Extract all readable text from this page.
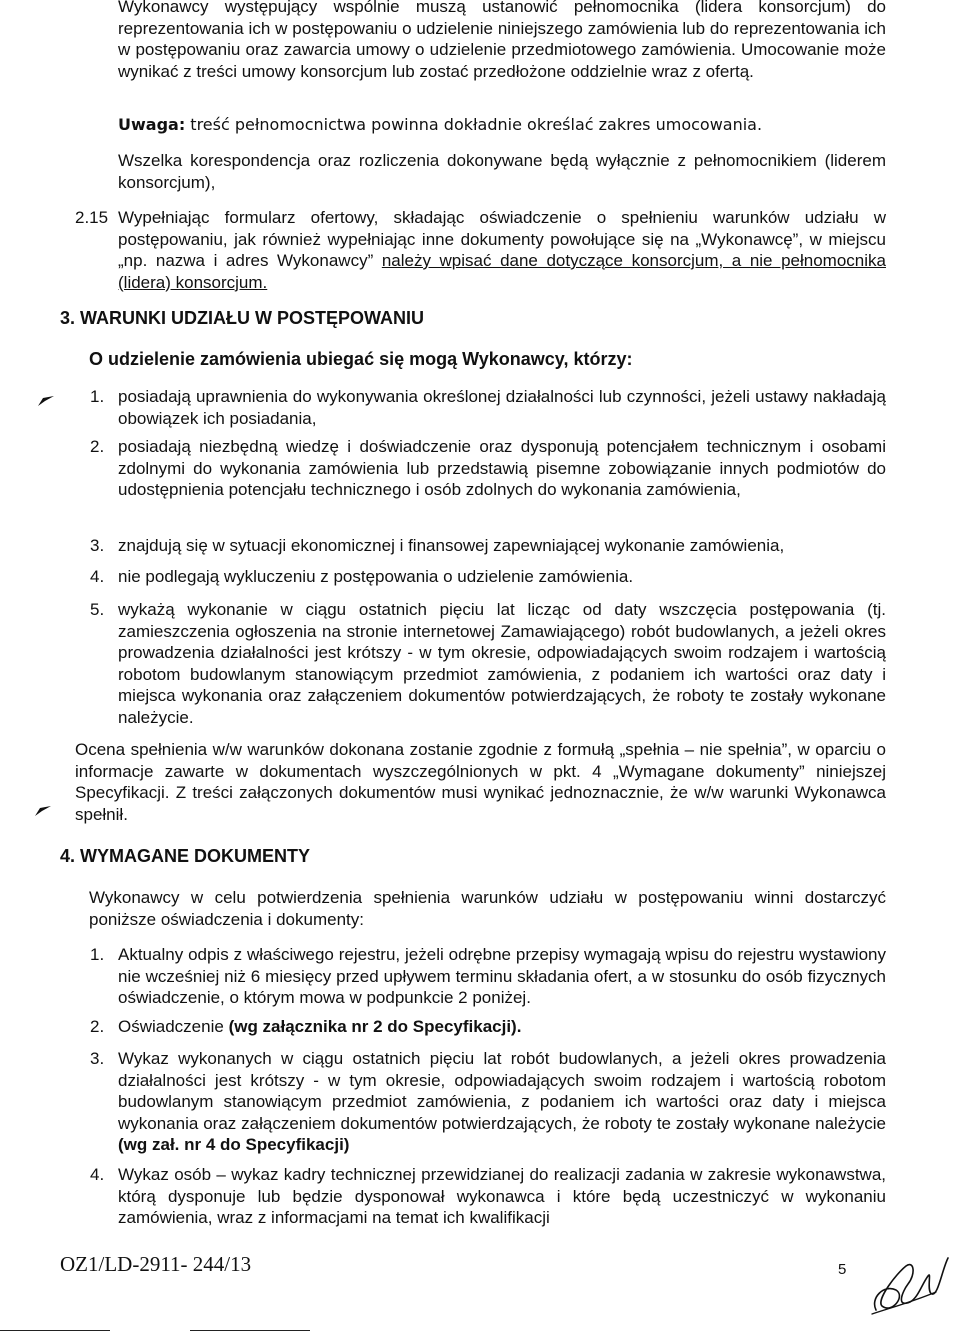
Wykonawcy występujący wspólnie muszą ustanowić pełnomocnika (lidera konsorcjum) do reprezentowania ich w postępowaniu o udzielenie niniejszego zamówienia lub do reprezentowania ich w postępowaniu oraz zawarcia umowy o udzielenie przedmiotowego zamówienia. Umocowanie może wynikać z treści umowy konsorcjum lub zostać przedłożone oddzielnie wraz z ofertą.
Uwaga: treść pełnomocnictwa powinna dokładnie określać zakres umocowania.
Wszelka korespondencja oraz rozliczenia dokonywane będą wyłącznie z pełnomocnikiem (liderem konsorcjum),
2.15 Wypełniając formularz ofertowy, składając oświadczenie o spełnieniu warunków udziału w postępowaniu, jak również wypełniając inne dokumenty powołujące się na „Wykonawcę”, w miejscu „np. nazwa i adres Wykonawcy” należy wpisać dane dotyczące konsorcjum, a nie pełnomocnika (lidera) konsorcjum.
3. WARUNKI UDZIAŁU W POSTĘPOWANIU
O udzielenie zamówienia ubiegać się mogą Wykonawcy, którzy:
1. posiadają uprawnienia do wykonywania określonej działalności lub czynności, jeżeli ustawy nakładają obowiązek ich posiadania,
2. posiadają niezbędną wiedzę i doświadczenie oraz dysponują potencjałem technicznym i osobami zdolnymi do wykonania zamówienia lub przedstawią pisemne zobowiązanie innych podmiotów do udostępnienia potencjału technicznego i osób zdolnych do wykonania zamówienia,
3. znajdują się w sytuacji ekonomicznej i finansowej zapewniającej wykonanie zamówienia,
4. nie podlegają wykluczeniu z postępowania o udzielenie zamówienia.
5. wykażą wykonanie w ciągu ostatnich pięciu lat licząc od daty wszczęcia postępowania (tj. zamieszczenia ogłoszenia na stronie internetowej Zamawiającego) robót budowlanych, a jeżeli okres prowadzenia działalności jest krótszy - w tym okresie, odpowiadających swoim rodzajem i wartością robotom budowlanym stanowiącym przedmiot zamówienia, z podaniem ich wartości oraz daty i miejsca wykonania oraz załączeniem dokumentów potwierdzających, że roboty te zostały wykonane należycie.
Ocena spełnienia w/w warunków dokonana zostanie zgodnie z formułą „spełnia – nie spełnia”, w oparciu o informacje zawarte w dokumentach wyszczególnionych w pkt. 4 „Wymagane dokumenty” niniejszej Specyfikacji. Z treści załączonych dokumentów musi wynikać jednoznacznie, że w/w warunki Wykonawca spełnił.
4. WYMAGANE DOKUMENTY
Wykonawcy w celu potwierdzenia spełnienia warunków udziału w postępowaniu winni dostarczyć poniższe oświadczenia i dokumenty:
1. Aktualny odpis z właściwego rejestru, jeżeli odrębne przepisy wymagają wpisu do rejestru wystawiony nie wcześniej niż 6 miesięcy przed upływem terminu składania ofert, a w stosunku do osób fizycznych oświadczenie, o którym mowa w podpunkcie 2 poniżej.
2. Oświadczenie (wg załącznika nr 2 do Specyfikacji).
3. Wykaz wykonanych w ciągu ostatnich pięciu lat robót budowlanych, a jeżeli okres prowadzenia działalności jest krótszy - w tym okresie, odpowiadających swoim rodzajem i wartością robotom budowlanym stanowiącym przedmiot zamówienia, z podaniem ich wartości oraz daty i miejsca wykonania oraz załączeniem dokumentów potwierdzających, że roboty te zostały wykonane należycie (wg zał. nr 4 do Specyfikacji)
4. Wykaz osób – wykaz kadry technicznej przewidzianej do realizacji zadania w zakresie wykonawstwa, którą dysponuje lub będzie dysponował wykonawca i które będą uczestniczyć w wykonaniu zamówienia, wraz z informacjami na temat ich kwalifikacji
OZ1/LD-2911- 244/13	5
